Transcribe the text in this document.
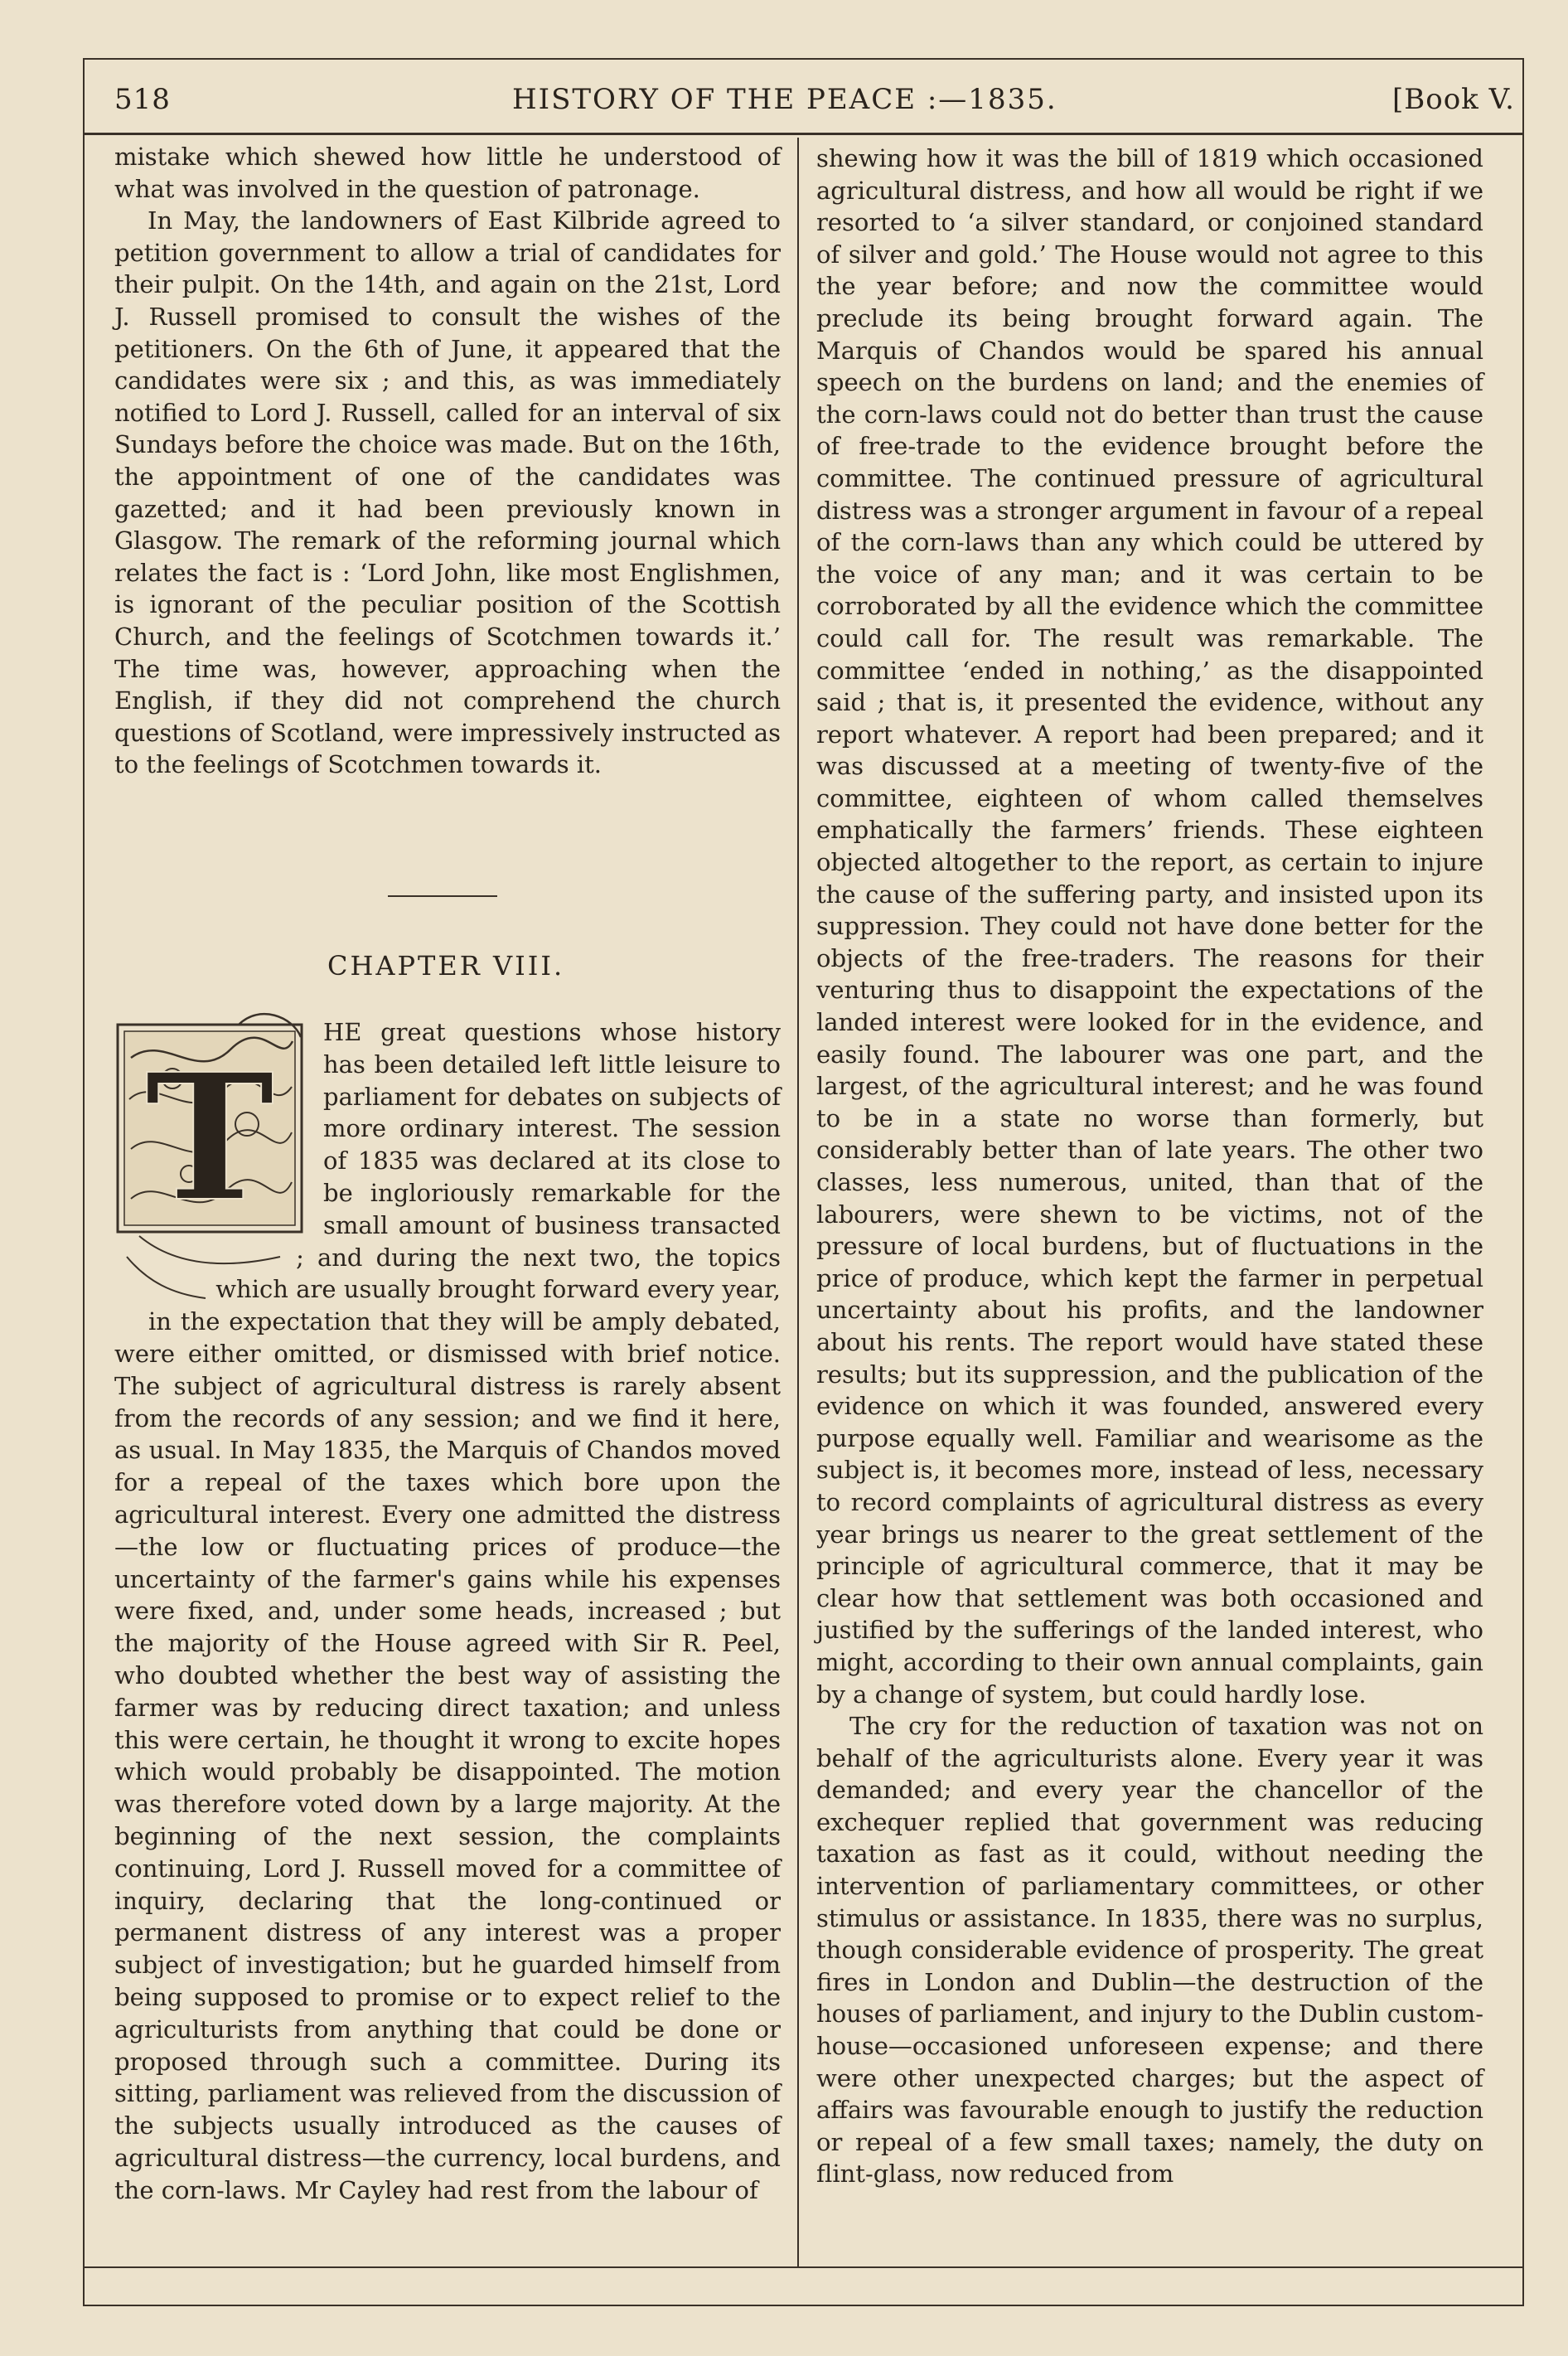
518	HISTORY OF THE PEACE :—1835.	[Book V.

mistake which shewed how little he understood of what was involved in the question of patronage.

In May, the landowners of East Kilbride agreed to petition government to allow a trial of candidates for their pulpit. On the 14th, and again on the 21st, Lord J. Russell promised to consult the wishes of the petitioners. On the 6th of June, it appeared that the candidates were six ; and this, as was immediately notified to Lord J. Russell, called for an interval of six Sundays before the choice was made. But on the 16th, the appointment of one of the candidates was gazetted; and it had been previously known in Glasgow. The remark of the reforming journal which relates the fact is : ‘Lord John, like most Englishmen, is ignorant of the peculiar position of the Scottish Church, and the feelings of Scotchmen towards it.’ The time was, however, approaching when the English, if they did not comprehend the church questions of Scotland, were impressively instructed as to the feelings of Scotchmen towards it.

CHAPTER VIII.
T
HE great questions whose history has been detailed left little leisure to parliament for debates on subjects of more ordinary interest. The session of 1835 was declared at its close to be ingloriously remarkable for the small amount of business transacted ; and during the next two, the topics which are usually brought forward every year, in the expectation that they will be amply debated, were either omitted, or dismissed with brief notice. The subject of agricultural distress is rarely absent from the records of any session; and we find it here, as usual. In May 1835, the Marquis of Chandos moved for a repeal of the taxes which bore upon the agricultural interest. Every one admitted the distress—the low or fluctuating prices of produce—the uncertainty of the farmer's gains while his expenses were fixed, and, under some heads, increased ; but the majority of the House agreed with Sir R. Peel, who doubted whether the best way of assisting the farmer was by reducing direct taxation; and unless this were certain, he thought it wrong to excite hopes which would probably be disappointed. The motion was therefore voted down by a large majority. At the beginning of the next session, the complaints continuing, Lord J. Russell moved for a committee of inquiry, declaring that the long-continued or permanent distress of any interest was a proper subject of investigation; but he guarded himself from being supposed to promise or to expect relief to the agriculturists from anything that could be done or proposed through such a committee. During its sitting, parliament was relieved from the discussion of the subjects usually introduced as the causes of agricultural distress—the currency, local burdens, and the corn-laws. Mr Cayley had rest from the labour of

shewing how it was the bill of 1819 which occasioned agricultural distress, and how all would be right if we resorted to ‘a silver standard, or conjoined standard of silver and gold.’ The House would not agree to this the year before; and now the committee would preclude its being brought forward again. The Marquis of Chandos would be spared his annual speech on the burdens on land; and the enemies of the corn-laws could not do better than trust the cause of free-trade to the evidence brought before the committee. The continued pressure of agricultural distress was a stronger argument in favour of a repeal of the corn-laws than any which could be uttered by the voice of any man; and it was certain to be corroborated by all the evidence which the committee could call for. The result was remarkable. The committee ‘ended in nothing,’ as the disappointed said ; that is, it presented the evidence, without any report whatever. A report had been prepared; and it was discussed at a meeting of twenty-five of the committee, eighteen of whom called themselves emphatically the farmers’ friends. These eighteen objected altogether to the report, as certain to injure the cause of the suffering party, and insisted upon its suppression. They could not have done better for the objects of the free-traders. The reasons for their venturing thus to disappoint the expectations of the landed interest were looked for in the evidence, and easily found. The labourer was one part, and the largest, of the agricultural interest; and he was found to be in a state no worse than formerly, but considerably better than of late years. The other two classes, less numerous, united, than that of the labourers, were shewn to be victims, not of the pressure of local burdens, but of fluctuations in the price of produce, which kept the farmer in perpetual uncertainty about his profits, and the landowner about his rents. The report would have stated these results; but its suppression, and the publication of the evidence on which it was founded, answered every purpose equally well. Familiar and wearisome as the subject is, it becomes more, instead of less, necessary to record complaints of agricultural distress as every year brings us nearer to the great settlement of the principle of agricultural commerce, that it may be clear how that settlement was both occasioned and justified by the sufferings of the landed interest, who might, according to their own annual complaints, gain by a change of system, but could hardly lose.

The cry for the reduction of taxation was not on behalf of the agriculturists alone. Every year it was demanded; and every year the chancellor of the exchequer replied that government was reducing taxation as fast as it could, without needing the intervention of parliamentary committees, or other stimulus or assistance. In 1835, there was no surplus, though considerable evidence of prosperity. The great fires in London and Dublin—the destruction of the houses of parliament, and injury to the Dublin custom-house—occasioned unforeseen expense; and there were other unexpected charges; but the aspect of affairs was favourable enough to justify the reduction or repeal of a few small taxes; namely, the duty on flint-glass, now reduced from
